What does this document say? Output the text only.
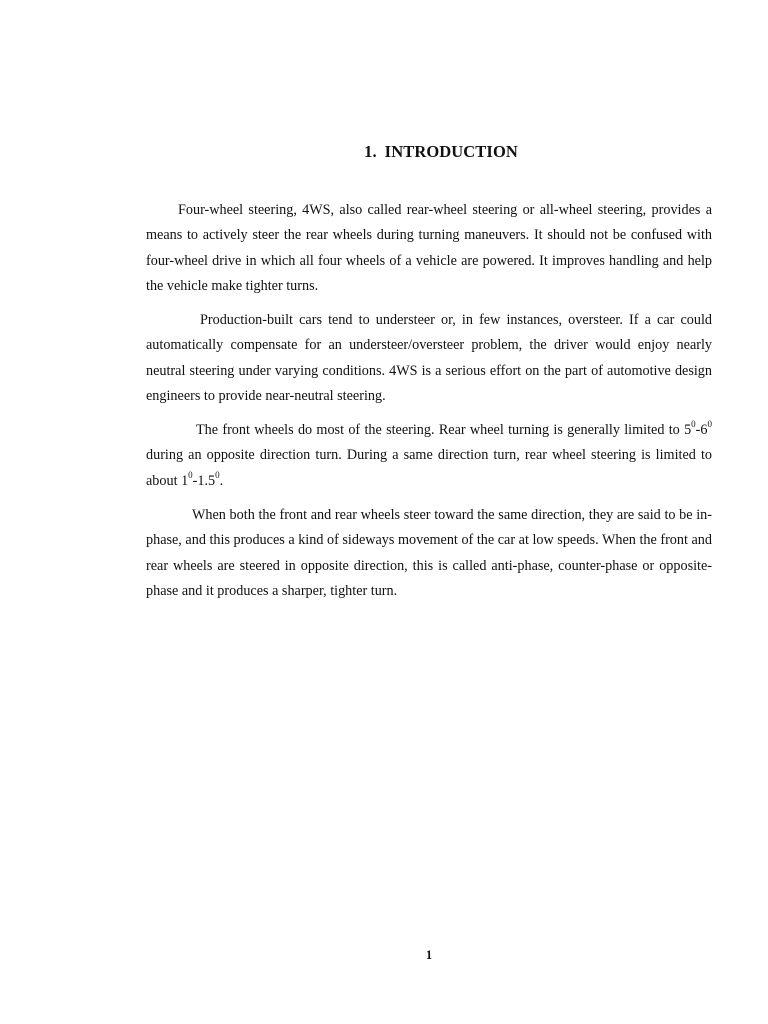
1. INTRODUCTION

Four-wheel steering, 4WS, also called rear-wheel steering or all-wheel steering, provides a means to actively steer the rear wheels during turning maneuvers. It should not be confused with four-wheel drive in which all four wheels of a vehicle are powered. It improves handling and help the vehicle make tighter turns.

Production-built cars tend to understeer or, in few instances, oversteer. If a car could automatically compensate for an understeer/oversteer problem, the driver would enjoy nearly neutral steering under varying conditions. 4WS is a serious effort on the part of automotive design engineers to provide near-neutral steering.

The front wheels do most of the steering. Rear wheel turning is generally limited to $5^0-6^0$ during an opposite direction turn. During a same direction turn, rear wheel steering is limited to about $1^0-1.5^0$.

When both the front and rear wheels steer toward the same direction, they are said to be in-phase, and this produces a kind of sideways movement of the car at low speeds. When the front and rear wheels are steered in opposite direction, this is called anti-phase, counter-phase or opposite-phase and it produces a sharper, tighter turn.

1
